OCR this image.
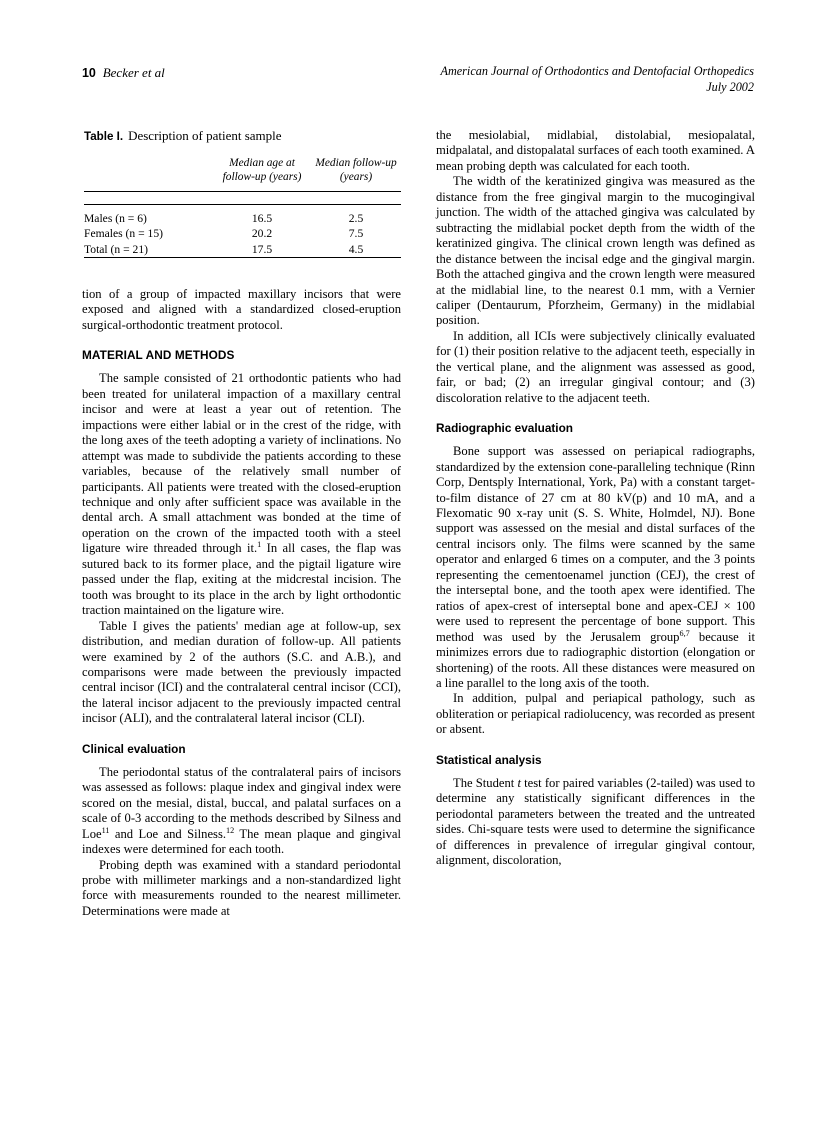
10 Becker et al	American Journal of Orthodontics and Dentofacial Orthopedics
July 2002
Table I. Description of patient sample

Median age at
follow-up (years)

Median follow-up
(years)

Males (n = 6)	16.5	2.5
Females (n = 15)	20.2	7.5
Total (n = 21)	17.5	4.5

tion of a group of impacted maxillary incisors that were exposed and aligned with a standardized closed-eruption surgical-orthodontic treatment protocol.

MATERIAL AND METHODS

The sample consisted of 21 orthodontic patients who had been treated for unilateral impaction of a maxillary central incisor and were at least a year out of retention. The impactions were either labial or in the crest of the ridge, with the long axes of the teeth adopting a variety of inclinations. No attempt was made to subdivide the patients according to these variables, because of the relatively small number of participants. All patients were treated with the closed-eruption technique and only after sufficient space was available in the dental arch. A small attachment was bonded at the time of operation on the crown of the impacted tooth with a steel ligature wire threaded through it.$^1$ In all cases, the flap was sutured back to its former place, and the pigtail ligature wire passed under the flap, exiting at the midcrestal incision. The tooth was brought to its place in the arch by light orthodontic traction maintained on the ligature wire.

Table I gives the patients' median age at follow-up, sex distribution, and median duration of follow-up. All patients were examined by 2 of the authors (S.C. and A.B.), and comparisons were made between the previously impacted central incisor (ICI) and the contralateral central incisor (CCI), the lateral incisor adjacent to the previously impacted central incisor (ALI), and the contralateral lateral incisor (CLI).

Clinical evaluation

The periodontal status of the contralateral pairs of incisors was assessed as follows: plaque index and gingival index were scored on the mesial, distal, buccal, and palatal surfaces on a scale of 0-3 according to the methods described by Silness and Loe$^{11}$ and Loe and Silness.$^{12}$ The mean plaque and gingival indexes were determined for each tooth.

Probing depth was examined with a standard periodontal probe with millimeter markings and a non-standardized light force with measurements rounded to the nearest millimeter. Determinations were made at

the mesiolabial, midlabial, distolabial, mesiopalatal, midpalatal, and distopalatal surfaces of each tooth examined. A mean probing depth was calculated for each tooth.

The width of the keratinized gingiva was measured as the distance from the free gingival margin to the mucogingival junction. The width of the attached gingiva was calculated by subtracting the midlabial pocket depth from the width of the keratinized gingiva. The clinical crown length was defined as the distance between the incisal edge and the gingival margin. Both the attached gingiva and the crown length were measured at the midlabial line, to the nearest 0.1 mm, with a Vernier caliper (Dentaurum, Pforzheim, Germany) in the midlabial position.

In addition, all ICIs were subjectively clinically evaluated for (1) their position relative to the adjacent teeth, especially in the vertical plane, and the alignment was assessed as good, fair, or bad; (2) an irregular gingival contour; and (3) discoloration relative to the adjacent teeth.

Radiographic evaluation

Bone support was assessed on periapical radiographs, standardized by the extension cone-paralleling technique (Rinn Corp, Dentsply International, York, Pa) with a constant target-to-film distance of 27 cm at 80 kV(p) and 10 mA, and a Flexomatic 90 x-ray unit (S. S. White, Holmdel, NJ). Bone support was assessed on the mesial and distal surfaces of the central incisors only. The films were scanned by the same operator and enlarged 6 times on a computer, and the 3 points representing the cementoenamel junction (CEJ), the crest of the interseptal bone, and the tooth apex were identified. The ratios of apex-crest of interseptal bone and apex-CEJ × 100 were used to represent the percentage of bone support. This method was used by the Jerusalem group$^{6,7}$ because it minimizes errors due to radiographic distortion (elongation or shortening) of the roots. All these distances were measured on a line parallel to the long axis of the tooth.

In addition, pulpal and periapical pathology, such as obliteration or periapical radiolucency, was recorded as present or absent.

Statistical analysis

The Student t test for paired variables (2-tailed) was used to determine any statistically significant differences in the periodontal parameters between the treated and the untreated sides. Chi-square tests were used to determine the significance of differences in prevalence of irregular gingival contour, alignment, discoloration,
